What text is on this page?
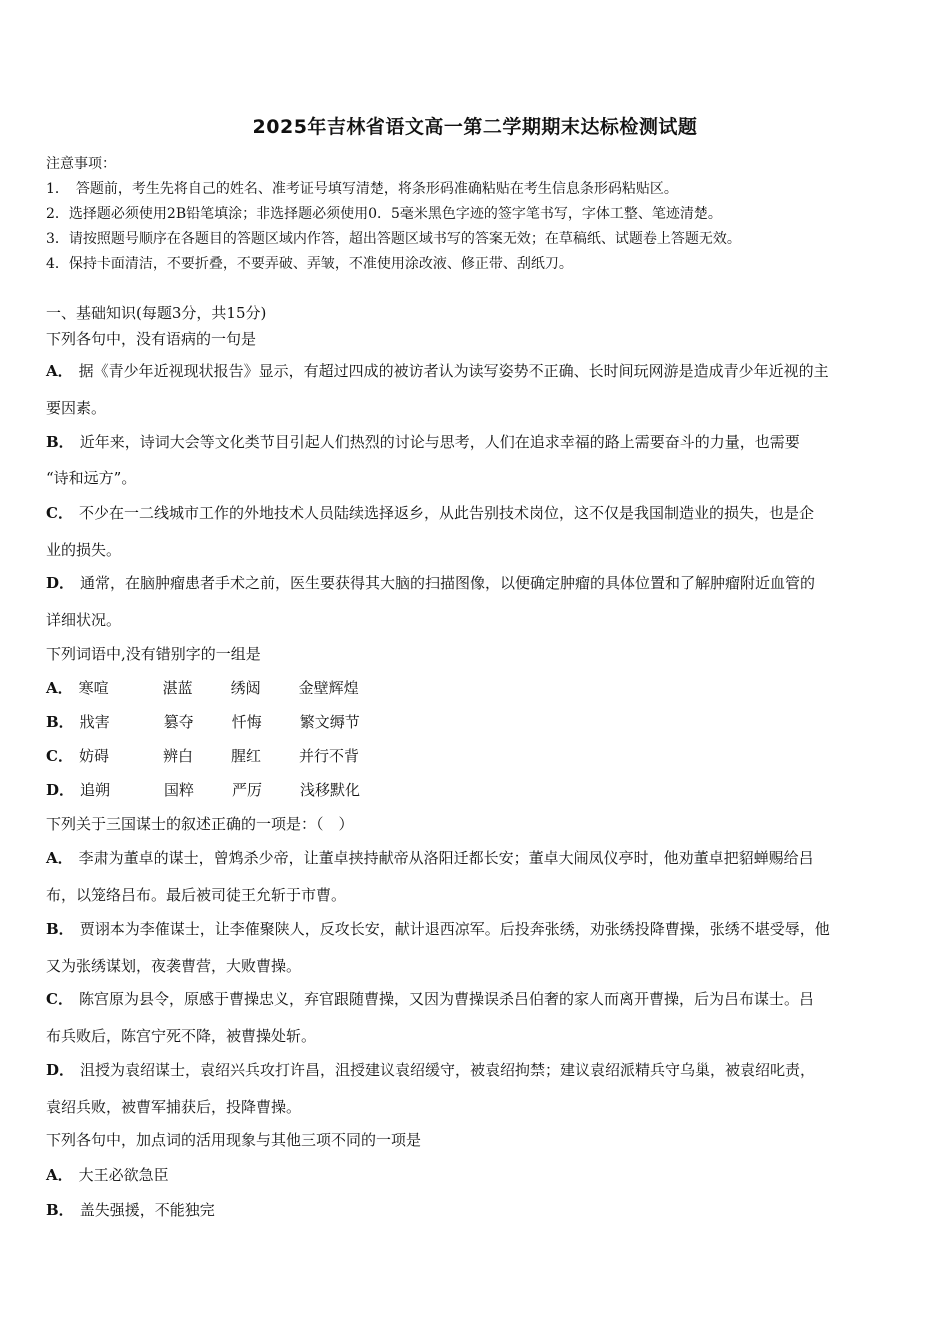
2025年吉林省语文高一第二学期期末达标检测试题
注意事项：
1．　答题前，考生先将自己的姓名、准考证号填写清楚，将条形码准确粘贴在考生信息条形码粘贴区。
2．选择题必须使用2B铅笔填涂；非选择题必须使用0．5毫米黑色字迹的签字笔书写，字体工整、笔迹清楚。
3．请按照题号顺序在各题目的答题区域内作答，超出答题区域书写的答案无效；在草稿纸、试题卷上答题无效。
4．保持卡面清洁，不要折叠，不要弄破、弄皱，不准使用涂改液、修正带、刮纸刀。
一、基础知识(每题3分，共15分)
下列各句中，没有语病的一句是
A． 据《青少年近视现状报告》显示，有超过四成的被访者认为读写姿势不正确、长时间玩网游是造成青少年近视的主
要因素。
B． 近年来，诗词大会等文化类节目引起人们热烈的讨论与思考，人们在追求幸福的路上需要奋斗的力量，也需要
“诗和远方”。
C． 不少在一二线城市工作的外地技术人员陆续选择返乡，从此告别技术岗位，这不仅是我国制造业的损失，也是企
业的损失。
D． 通常，在脑肿瘤患者手术之前，医生要获得其大脑的扫描图像，以便确定肿瘤的具体位置和了解肿瘤附近血管的
详细状况。
下列词语中,没有错别字的一组是
A． 寒喧	湛蓝	绣闼	金壁辉煌
B． 戕害	篡夺	忏悔	繁文缛节
C． 妨碍	辨白	腥红	并行不背
D． 追朔	国粹	严厉	浅移默化
下列关于三国谋士的叙述正确的一项是：（　）
A． 李肃为董卓的谋士，曾鸩杀少帝，让董卓挟持献帝从洛阳迁都长安；董卓大闹凤仪亭时，他劝董卓把貂蝉赐给吕
布，以笼络吕布。最后被司徒王允斩于市曹。
B． 贾诩本为李傕谋士，让李傕聚陕人，反攻长安，献计退西凉军。后投奔张绣，劝张绣投降曹操，张绣不堪受辱，他
又为张绣谋划，夜袭曹营，大败曹操。
C． 陈宫原为县令，原感于曹操忠义，弃官跟随曹操，又因为曹操误杀吕伯奢的家人而离开曹操，后为吕布谋士。吕
布兵败后，陈宫宁死不降，被曹操处斩。
D． 沮授为袁绍谋士，袁绍兴兵攻打许昌，沮授建议袁绍缓守，被袁绍拘禁；建议袁绍派精兵守乌巢，被袁绍叱责，
袁绍兵败，被曹军捕获后，投降曹操。
下列各句中，加点词的活用现象与其他三项不同的一项是
A． 大王必欲急臣
B． 盖失强援，不能独完
